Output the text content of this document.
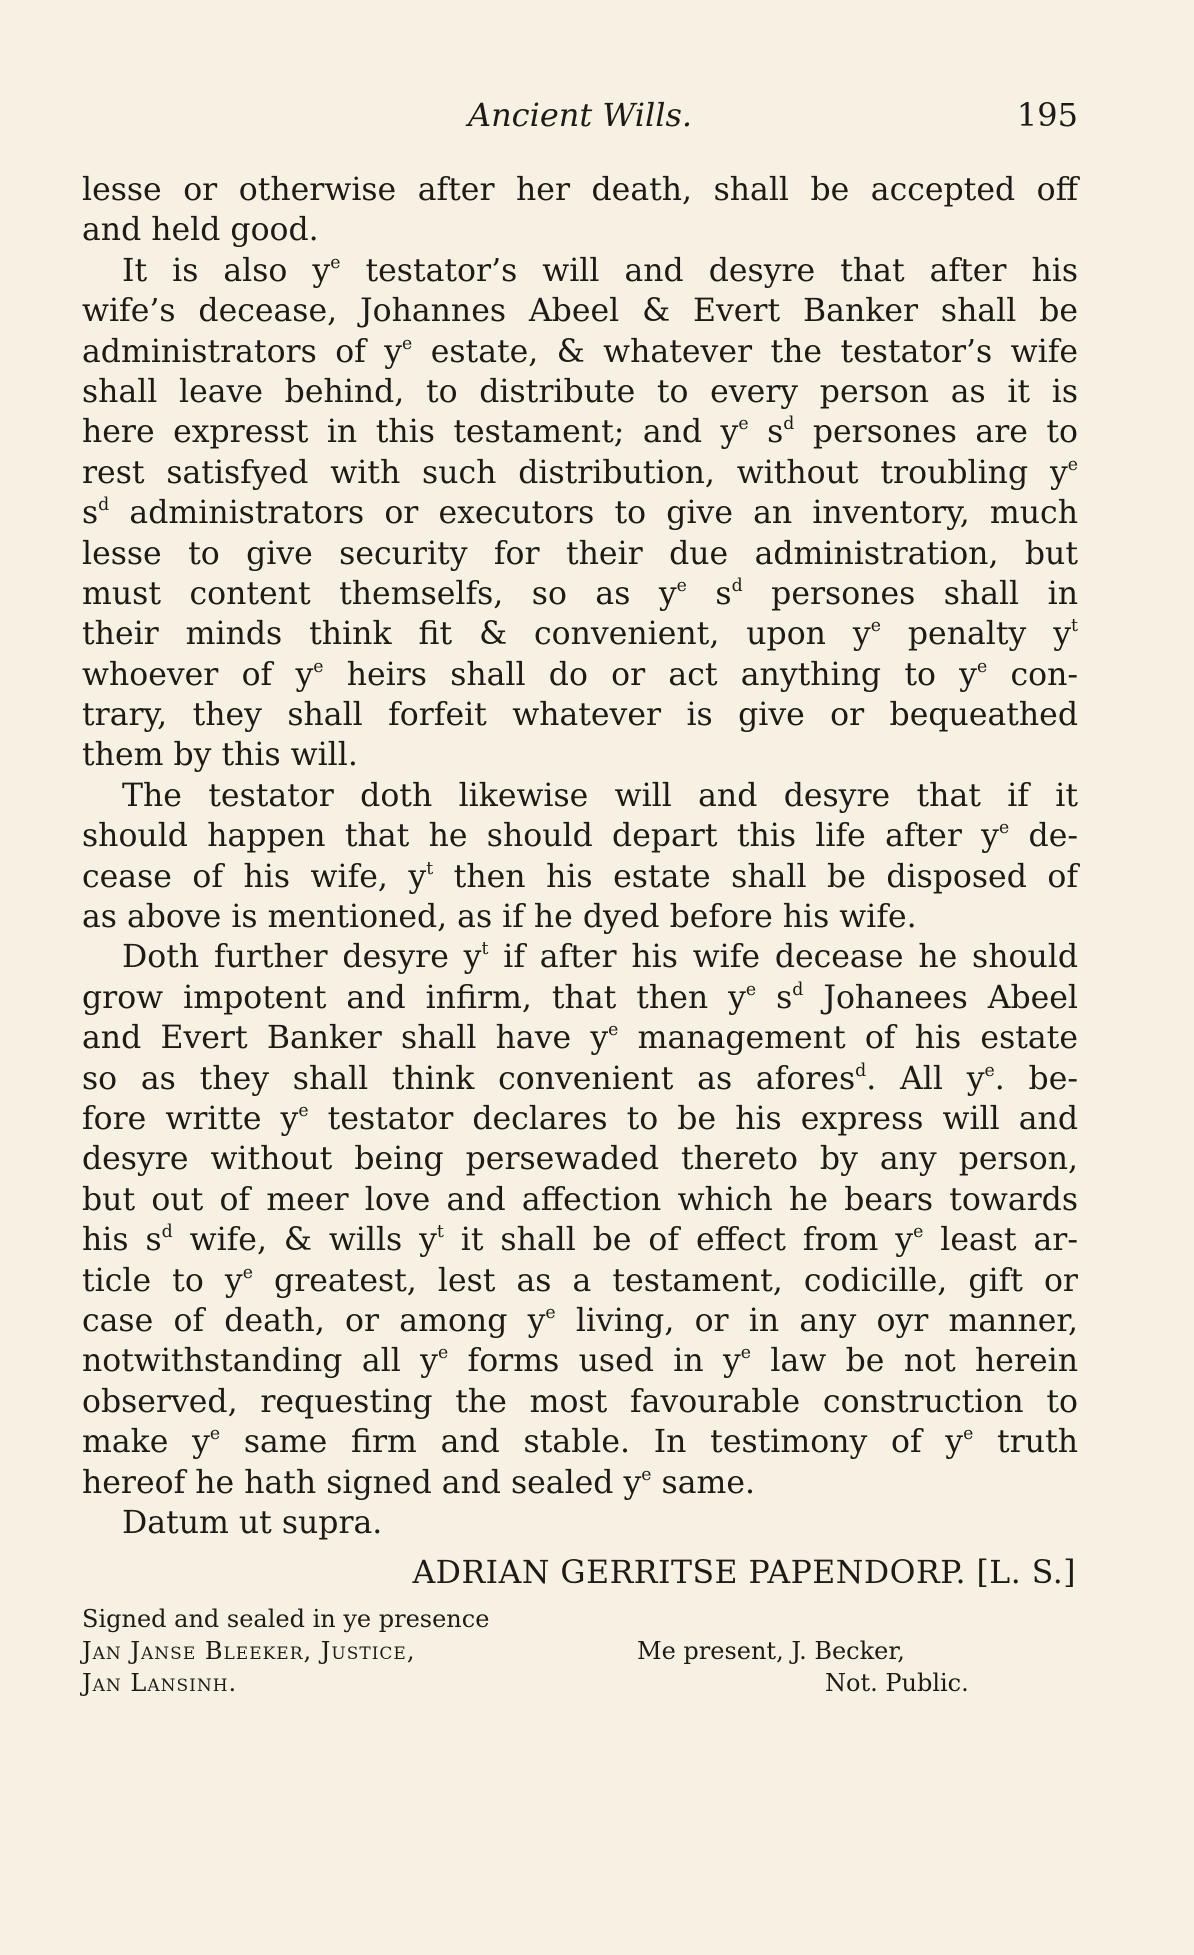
Ancient Wills.	195
lesse or otherwise after her death, shall be accepted off
and held good.
It is also $y^e$ testator’s will and desyre that after his
wife’s decease, Johannes Abeel & Evert Banker shall be
administrators of $y^e$ estate, & whatever the testator’s wife
shall leave behind, to distribute to every person as it is
here expresst in this testament; and $y^e$ $s^d$ persones are to
rest satisfyed with such distribution, without troubling $y^e$
$s^d$ administrators or executors to give an inventory, much
lesse to give security for their due administration, but
must content themselfs, so as $y^e$ $s^d$ persones shall in
their minds think fit & convenient, upon $y^e$ penalty $y^t$
whoever of $y^e$ heirs shall do or act anything to $y^e$ con-
trary, they shall forfeit whatever is give or bequeathed
them by this will.
The testator doth likewise will and desyre that if it
should happen that he should depart this life after $y^e$ de-
cease of his wife, $y^t$ then his estate shall be disposed of
as above is mentioned, as if he dyed before his wife.
Doth further desyre $y^t$ if after his wife decease he should
grow impotent and infirm, that then $y^e$ $s^d$ Johanees Abeel
and Evert Banker shall have $y^e$ management of his estate
so as they shall think convenient as afores$^d$. All $y^e$. be-
fore writte $y^e$ testator declares to be his express will and
desyre without being persewaded thereto by any person,
but out of meer love and affection which he bears towards
his $s^d$ wife, & wills $y^t$ it shall be of effect from $y^e$ least ar-
ticle to $y^e$ greatest, lest as a testament, codicille, gift or
case of death, or among $y^e$ living, or in any oyr manner,
notwithstanding all $y^e$ forms used in $y^e$ law be not herein
observed, requesting the most favourable construction to
make $y^e$ same firm and stable. In testimony of $y^e$ truth
hereof he hath signed and sealed $y^e$ same.
Datum ut supra.
ADRIAN GERRITSE PAPENDORP. [L. S.]
Signed and sealed in ye presence
Jan Janse Bleeker, Justice,	Me present, J. Becker,
Jan Lansinh.	Not. Public.
